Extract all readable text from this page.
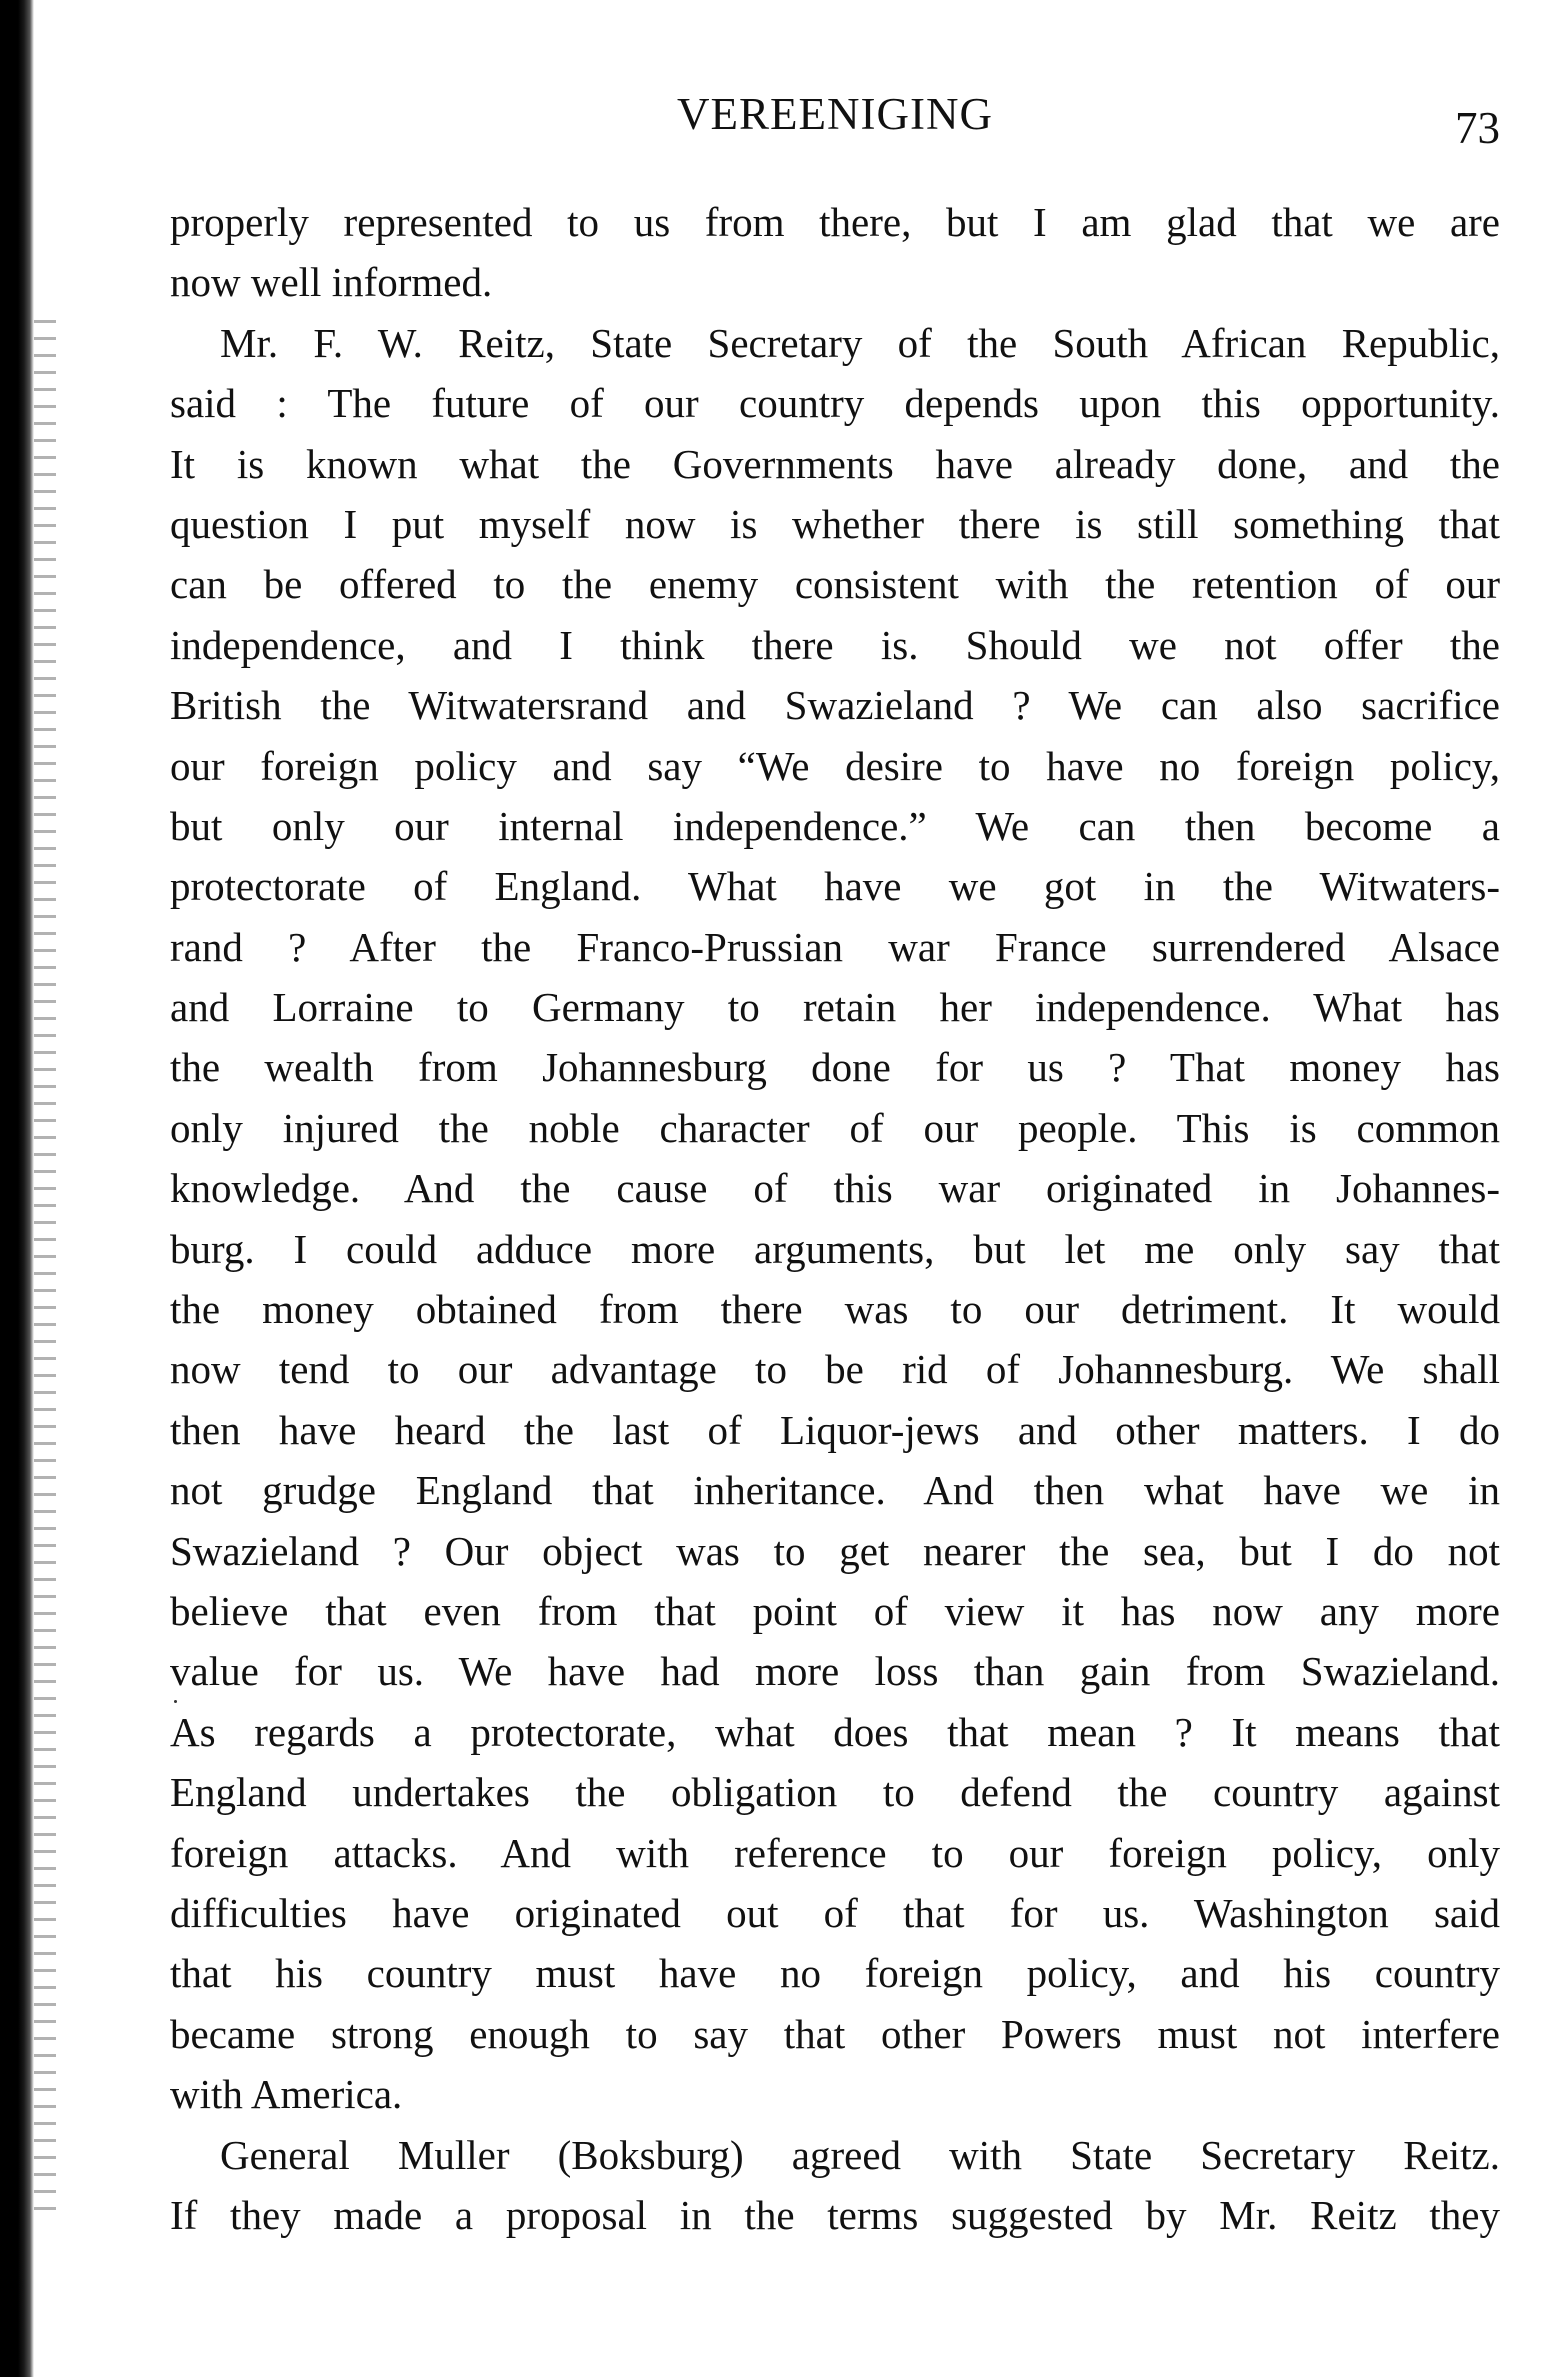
VEREENIGING	73
properly represented to us from there, but I am glad that we are
now well informed.
Mr. F. W. Reitz, State Secretary of the South African Republic,
said : The future of our country depends upon this opportunity.
It is known what the Governments have already done, and the
question I put myself now is whether there is still something that
can be offered to the enemy consistent with the retention of our
independence, and I think there is. Should we not offer the
British the Witwatersrand and Swazieland ? We can also sacrifice
our foreign policy and say “We desire to have no foreign policy,
but only our internal independence.” We can then become a
protectorate of England. What have we got in the Witwaters-
rand ? After the Franco-Prussian war France surrendered Alsace
and Lorraine to Germany to retain her independence. What has
the wealth from Johannesburg done for us ? That money has
only injured the noble character of our people. This is common
knowledge. And the cause of this war originated in Johannes-
burg. I could adduce more arguments, but let me only say that
the money obtained from there was to our detriment. It would
now tend to our advantage to be rid of Johannesburg. We shall
then have heard the last of Liquor-jews and other matters. I do
not grudge England that inheritance. And then what have we in
Swazieland ? Our object was to get nearer the sea, but I do not
believe that even from that point of view it has now any more
value for us. We have had more loss than gain from Swazieland.
As regards a protectorate, what does that mean ? It means that
England undertakes the obligation to defend the country against
foreign attacks. And with reference to our foreign policy, only
difficulties have originated out of that for us. Washington said
that his country must have no foreign policy, and his country
became strong enough to say that other Powers must not interfere
with America.
General Muller (Boksburg) agreed with State Secretary Reitz.
If they made a proposal in the terms suggested by Mr. Reitz they
